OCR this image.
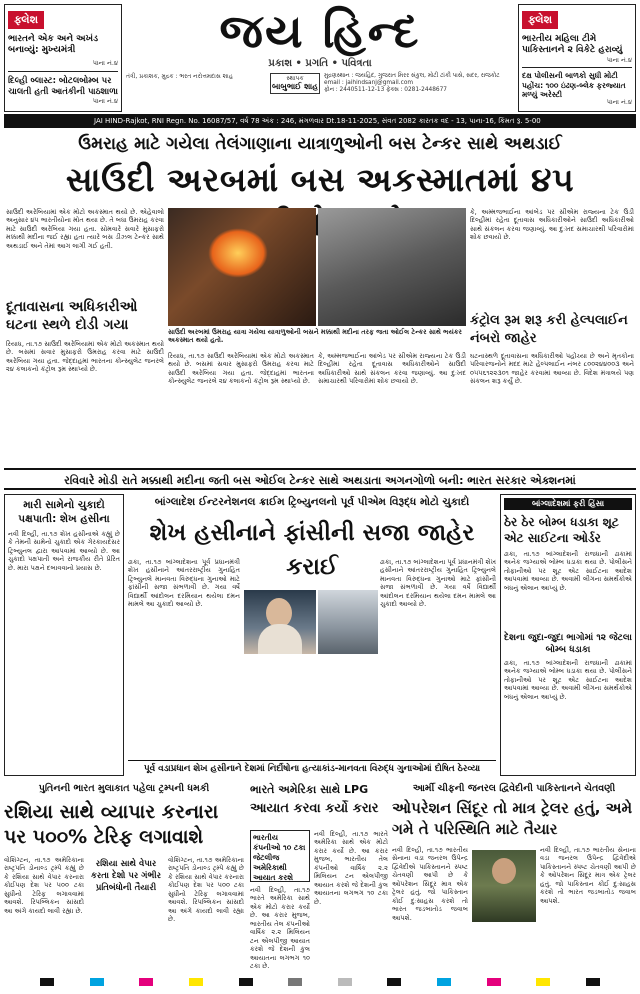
ફ્લેશ
ભારતને એક અને અખંડ બનાવ્યું: મુખ્યમંત્રી
પાના નં.૪
દિલ્હી બ્લાસ્ટ: બોટલબોમ્બ પર ચાલતી હતી આતંકીની પાઠશાળા
પાના નં.૪
જય હિન્દ
પ્રકાશ • પ્રગતિ • પવિત્રતા
તંત્રી, પ્રકાશક, મુદ્રક : ભરત નરોત્તમદાસ શાહ	સ્થાપક
બાબુભાઈ શાહ
મુદ્રણસ્થાન : જયહિંદ, ગુજરાત મિરર સંકુલ, મોટી ટાંકી પાસે, સદર, રાજકોટ
email : jaihindsanj@gmail.com
ફોન : 2440511-12-13 ફેક્સ : 0281-2448677
ફ્લેશ
ભારતીય મહિલા ટીમે પાકિસ્તાનને ૨ વિકેટે હરાવ્યું
પાના નં.૪
દક્ષ પોલીસની બાળકો સુધી મોટી પહોંચ: ૧૦૦ ઇંઢણ-બ્લેક ફરજ્યાત મળ્યું અરેસ્ટી
પાના નં.૪
JAI HIND-Rajkot, RNI Regn. No. 16087/57, વર્ષ 78 અંક : 246, મંગળવાર Dt.18-11-2025, સંવત 2082 કારતક વદ - 13, પાના-16, કિંમત રૂ. 5-00
ઉમરાહ માટે ગયેલા તેલંગાણાના યાત્રાળુઓની બસ ટેન્કર સાથે અથડાઈ
સાઉદી અરબમાં બસ અકસ્માતમાં ૪૫
સાઉદી અરેબિયામાં એક મોટો અકસ્માત થયો છે. એહેવાલો અનુસાર ૪૫ ભારતીયોના મોત થયા છે. તે બધા ઉમરાહ કરવા માટે સાઉદી અરેબિયા ગયા હતા. સોમવારે સવારે મુસાફરો મક્કાથી મદીના જઈ રહ્યા હતા ત્યારે બસ ડીઝલ ટેન્કર સાથે અથડાઈ અને તેમાં આગ લાગી ગઈ હતી.
કે, અમ્મજભાઈના આંબેડ પર સીએમ રાજ્યના ટેક ઉંડી દિલ્હીમાં રહેતા દૂતાવાસ અધિકારીઓને સાઉદી અધિકારીઓ સાથે સંકલન કરવા જણાવ્યું. આ દુઃખદ સમાચારથી પરિવારોમાં શોક છવાયો છે.
દૂતાવાસના અધિકારીઓ ઘટના સ્થળે દોડી ગયા	કંટ્રોલ રૂમ શરૂ કરી હેલ્પલાઈન નંબરો જાહેર
સાઉદી અરબમાં ઉમરાહ યાત્રા ગયેલા યાત્રાળુઓની બસને મક્કાથી મદીના તરફ જતા ઓઈલ ટેન્કર સાથે ભયંકર અકસ્માત થયો હતો.
રિયાધ, તા.૧૭ સાઉદી અરેબિયામાં એક મોટો અકસ્માત થયો છે. બસમાં સવાર મુસાફરો ઉમરાહ કરવા માટે સાઉદી અરેબિયા ગયા હતા. જેદ્દાહમાં ભારતના કોન્સ્યુલેટ જનરલે ૨૪ કલાકનો કંટ્રોલ રૂમ સ્થાપ્યો છે.
રિયાધ, તા.૧૭ સાઉદી અરેબિયામાં એક મોટો અકસ્માત થયો છે. બસમાં સવાર મુસાફરો ઉમરાહ કરવા માટે સાઉદી અરેબિયા ગયા હતા. જેદ્દાહમાં ભારતના કોન્સ્યુલેટ જનરલે ૨૪ કલાકનો કંટ્રોલ રૂમ સ્થાપ્યો છે.
કે, અમ્મજભાઈના આંબેડ પર સીએમ રાજ્યના ટેક ઉંડી દિલ્હીમાં રહેતા દૂતાવાસ અધિકારીઓને સાઉદી અધિકારીઓ સાથે સંકલન કરવા જણાવ્યું. આ દુઃખદ સમાચારથી પરિવારોમાં શોક છવાયો છે.
ઘટનાસ્થળે દૂતાવાસના અધિકારીઓ પહોંચ્યા છે અને મૃતકોના પરિવારજનોને મદદ માટે હેલ્પલાઈન નંબર ૮૦૦૨૪૪૦૦૩ અને ૦૫૫૬૧૨૨૩૦૧ જાહેર કરવામાં આવ્યા છે. વિદેશ મંત્રાલયે પણ સંકલન શરૂ કર્યું છે.
રવિવારે મોડી રાતે મક્કાથી મદીના જતી બસ ઓઈલ ટેન્કર સાથે અથડાતા અગનગોળો બની: ભારત સરકાર એક્શનમાં
મારી સામેનો ચુકાદો પક્ષપાતી: શેખ હસીના
નવી દિલ્હી, તા.૧૭ શેખ હસીનાએ કહ્યું છે કે તેમની સામેનો ચુકાદો એક ગેરકાયદેસર ટ્રિબ્યુનલ દ્વારા આપવામાં આવ્યો છે. આ ચુકાદો પક્ષપાતી અને રાજકીય રીતે પ્રેરિત છે. મારા પક્ષને દબાવવાનો પ્રયાસ છે.
બાંગ્લાદેશ ઈન્ટરનેશનલ ક્રાઈમ ટ્રિબ્યુનલનો પૂર્વ પીએમ વિરૂદ્ધ મોટો ચુકાદો
શેખ હસીનાને ફાંસીની સજા જાહેર કરાઈ
ઢાકા, તા.૧૭ બાંગ્લાદેશના પૂર્વ પ્રધાનમંત્રી શેખ હસીનાને આંતરરાષ્ટ્રીય ગુનાહિત ટ્રિબ્યુનલે માનવતા વિરુદ્ધના ગુનાઓ માટે ફાંસીની સજા સંભળાવી છે. ગયા વર્ષે વિદ્યાર્થી આંદોલન દરમિયાન થયેલા દમન મામલે આ ચુકાદો આવ્યો છે.
ઢાકા, તા.૧૭ બાંગ્લાદેશના પૂર્વ પ્રધાનમંત્રી શેખ હસીનાને આંતરરાષ્ટ્રીય ગુનાહિત ટ્રિબ્યુનલે માનવતા વિરુદ્ધના ગુનાઓ માટે ફાંસીની સજા સંભળાવી છે. ગયા વર્ષે વિદ્યાર્થી આંદોલન દરમિયાન થયેલા દમન મામલે આ ચુકાદો આવ્યો છે.
પૂર્વ વડાપ્રધાન શેખ હસીનાને દેશમાં નિર્દોષોના હત્યાકાંડ-માનવતા વિરુદ્ધ ગુનાઓમાં દોષિત ઠેરવ્યા
બાંગ્લાદેશમાં ફરી હિંસા
ઠેર ઠેર બોમ્બ ધડાકા શૂટ એટ સાઈટના ઓર્ડર
ઢાકા, તા.૧૭ બાંગ્લાદેશની રાજધાની ઢાકામાં અનેક જગ્યાએ બોમ્બ ધડાકા થયા છે. પોલીસને તોફાનીઓ પર શૂટ એટ સાઈટના આદેશ આપવામાં આવ્યા છે. અવામી લીગના સમર્થકોએ બંધનું એલાન આપ્યું છે.
દેશના જુદા-જુદા ભાગોમાં ૧૨ જેટલા બોમ્બ ધડાકા
ઢાકા, તા.૧૭ બાંગ્લાદેશની રાજધાની ઢાકામાં અનેક જગ્યાએ બોમ્બ ધડાકા થયા છે. પોલીસને તોફાનીઓ પર શૂટ એટ સાઈટના આદેશ આપવામાં આવ્યા છે. અવામી લીગના સમર્થકોએ બંધનું એલાન આપ્યું છે.
પુતિનની ભારત મુલાકાત પહેલા ટ્રમ્પની ધમકી
રશિયા સાથે વ્યાપાર કરનારા પર ૫૦૦% ટેરિફ લગાવાશે
વોશિંગ્ટન, તા.૧૭ અમેરિકાના રાષ્ટ્રપતિ ડોનાલ્ડ ટ્રમ્પે કહ્યું છે કે રશિયા સાથે વેપાર કરનારા કોઈપણ દેશ પર ૫૦૦ ટકા સુધીનો ટેરિફ લગાવવામાં આવશે. રિપબ્લિકન સાંસદો આ અંગે કાયદો લાવી રહ્યા છે.
રશિયા સાથે વેપાર કરતા દેશો પર ગંભીર પ્રતિબંધોની તૈયારી
વોશિંગ્ટન, તા.૧૭ અમેરિકાના રાષ્ટ્રપતિ ડોનાલ્ડ ટ્રમ્પે કહ્યું છે કે રશિયા સાથે વેપાર કરનારા કોઈપણ દેશ પર ૫૦૦ ટકા સુધીનો ટેરિફ લગાવવામાં આવશે. રિપબ્લિકન સાંસદો આ અંગે કાયદો લાવી રહ્યા છે.
ભારતે અમેરિકા સાથે LPG
આયાત કરવા કર્યો કરાર
ભારતીય કંપનીઓ ૧૦ ટકા જેટલીજ અમેરિકાથી આયાત કરશે
નવી દિલ્હી, તા.૧૭ ભારતે અમેરિકા સાથે એક મોટો કરાર કર્યો છે. આ કરાર મુજબ, ભારતીય તેલ કંપનીઓ વાર્ષિક ૨.૨ મિલિયન ટન એલપીજી આયાત કરશે જે દેશની કુલ આયાતના લગભગ ૧૦ ટકા છે.
નવી દિલ્હી, તા.૧૭ ભારતે અમેરિકા સાથે એક મોટો કરાર કર્યો છે. આ કરાર મુજબ, ભારતીય તેલ કંપનીઓ વાર્ષિક ૨.૨ મિલિયન ટન એલપીજી આયાત કરશે જે દેશની કુલ આયાતના લગભગ ૧૦ ટકા છે.
આર્મી ચીફની જનરલ દ્વિવેદીની પાકિસ્તાનને ચેતવણી
ઓપરેશન સિંદૂર તો માત્ર ટ્રેલર હતું, અમે ગમે તે પરિસ્થિતિ માટે તૈયાર
નવી દિલ્હી, તા.૧૭ ભારતીય સેનાના વડા જનરલ ઉપેન્દ્ર દ્વિવેદીએ પાકિસ્તાનને સ્પષ્ટ ચેતવણી આપી છે કે ઓપરેશન સિંદૂર માત્ર એક ટ્રેલર હતું. જો પાકિસ્તાન કોઈ દુઃસાહસ કરશે તો ભારત જડબાતોડ જવાબ આપશે.
નવી દિલ્હી, તા.૧૭ ભારતીય સેનાના વડા જનરલ ઉપેન્દ્ર દ્વિવેદીએ પાકિસ્તાનને સ્પષ્ટ ચેતવણી આપી છે કે ઓપરેશન સિંદૂર માત્ર એક ટ્રેલર હતું. જો પાકિસ્તાન કોઈ દુઃસાહસ કરશે તો ભારત જડબાતોડ જવાબ આપશે.
